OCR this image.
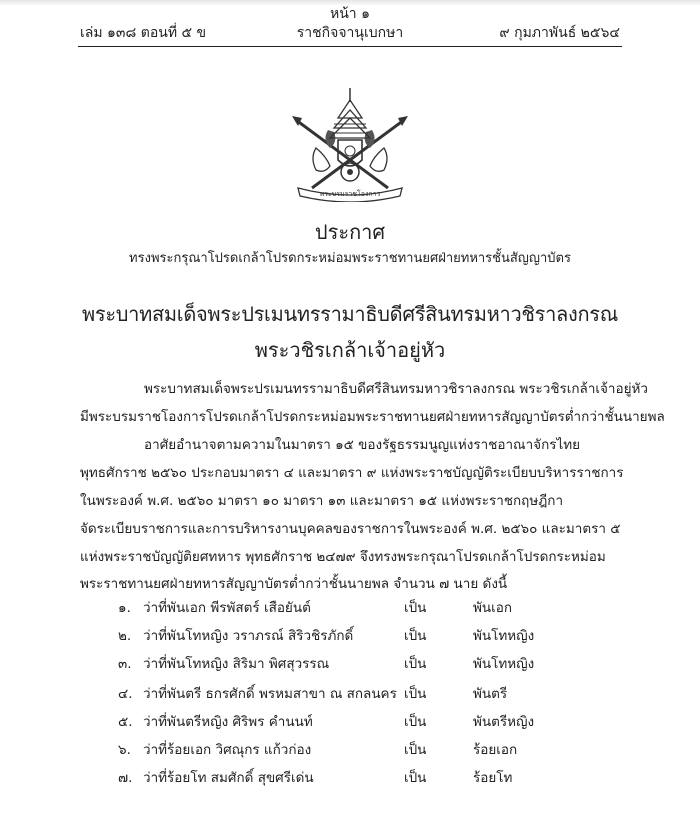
หน้า ๑
เล่ม ๑๓๘ ตอนที่ ๕ ข	ราชกิจจานุเบกษา	๙ กุมภาพันธ์ ๒๕๖๔
พระบรมราชโองการ
ประกาศ
ทรงพระกรุณาโปรดเกล้าโปรดกระหม่อมพระราชทานยศฝ่ายทหารชั้นสัญญาบัตร
พระบาทสมเด็จพระปรเมนทรรามาธิบดีศรีสินทรมหาวชิราลงกรณ
พระวชิรเกล้าเจ้าอยู่หัว
พระบาทสมเด็จพระปรเมนทรรามาธิบดีศรีสินทรมหาวชิราลงกรณ พระวชิรเกล้าเจ้าอยู่หัว
มีพระบรมราชโองการโปรดเกล้าโปรดกระหม่อมพระราชทานยศฝ่ายทหารสัญญาบัตรต่ำกว่าชั้นนายพล
อาศัยอำนาจตามความในมาตรา ๑๕ ของรัฐธรรมนูญแห่งราชอาณาจักรไทย
พุทธศักราช ๒๕๖๐ ประกอบมาตรา ๔ และมาตรา ๙ แห่งพระราชบัญญัติระเบียบบริหารราชการ
ในพระองค์ พ.ศ. ๒๕๖๐ มาตรา ๑๐ มาตรา ๑๓ และมาตรา ๑๕ แห่งพระราชกฤษฎีกา
จัดระเบียบราชการและการบริหารงานบุคคลของราชการในพระองค์ พ.ศ. ๒๕๖๐ และมาตรา ๕
แห่งพระราชบัญญัติยศทหาร พุทธศักราช ๒๔๗๙ จึงทรงพระกรุณาโปรดเกล้าโปรดกระหม่อม
พระราชทานยศฝ่ายทหารสัญญาบัตรต่ำกว่าชั้นนายพล จำนวน ๗ นาย ดังนี้
๑. ว่าที่พันเอก พีรพัสตร์ เสือยันต์	เป็น	พันเอก
๒. ว่าที่พันโทหญิง วราภรณ์ สิริวชิรภักดิ์	เป็น	พันโทหญิง
๓. ว่าที่พันโทหญิง สิริมา พิศสุวรรณ	เป็น	พันโทหญิง
๔. ว่าที่พันตรี ธกรศักดิ์ พรหมสาขา ณ สกลนคร เป็น	พันตรี
๕. ว่าที่พันตรีหญิง ศิริพร คำนนท์	เป็น	พันตรีหญิง
๖. ว่าที่ร้อยเอก วิศณุกร แก้วก่อง	เป็น	ร้อยเอก
๗. ว่าที่ร้อยโท สมศักดิ์ สุขศรีเด่น	เป็น	ร้อยโท
